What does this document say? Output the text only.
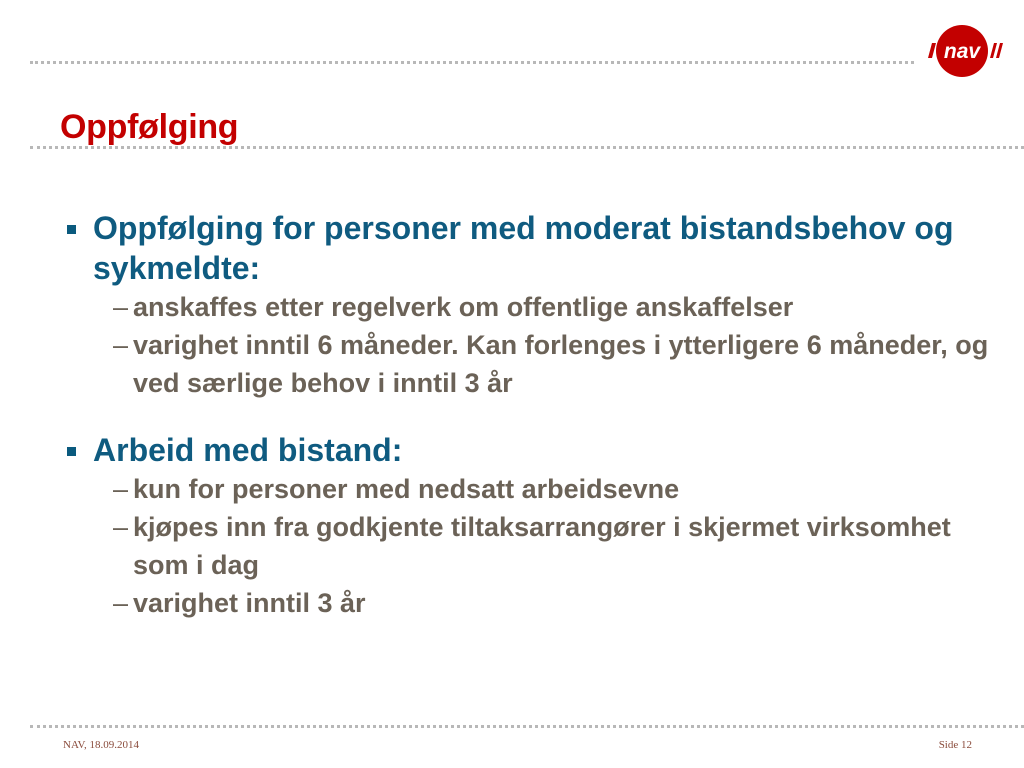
nav
Oppfølging
Oppfølging for personer med moderat bistandsbehov og sykmeldte:
– anskaffes etter regelverk om offentlige anskaffelser
– varighet inntil 6 måneder. Kan forlenges i ytterligere 6 måneder, og ved særlige behov i inntil 3 år
Arbeid med bistand:
– kun for personer med nedsatt arbeidsevne
– kjøpes inn fra godkjente tiltaksarrangører i skjermet virksomhet som i dag
– varighet inntil 3 år
NAV, 18.09.2014	Side 12
